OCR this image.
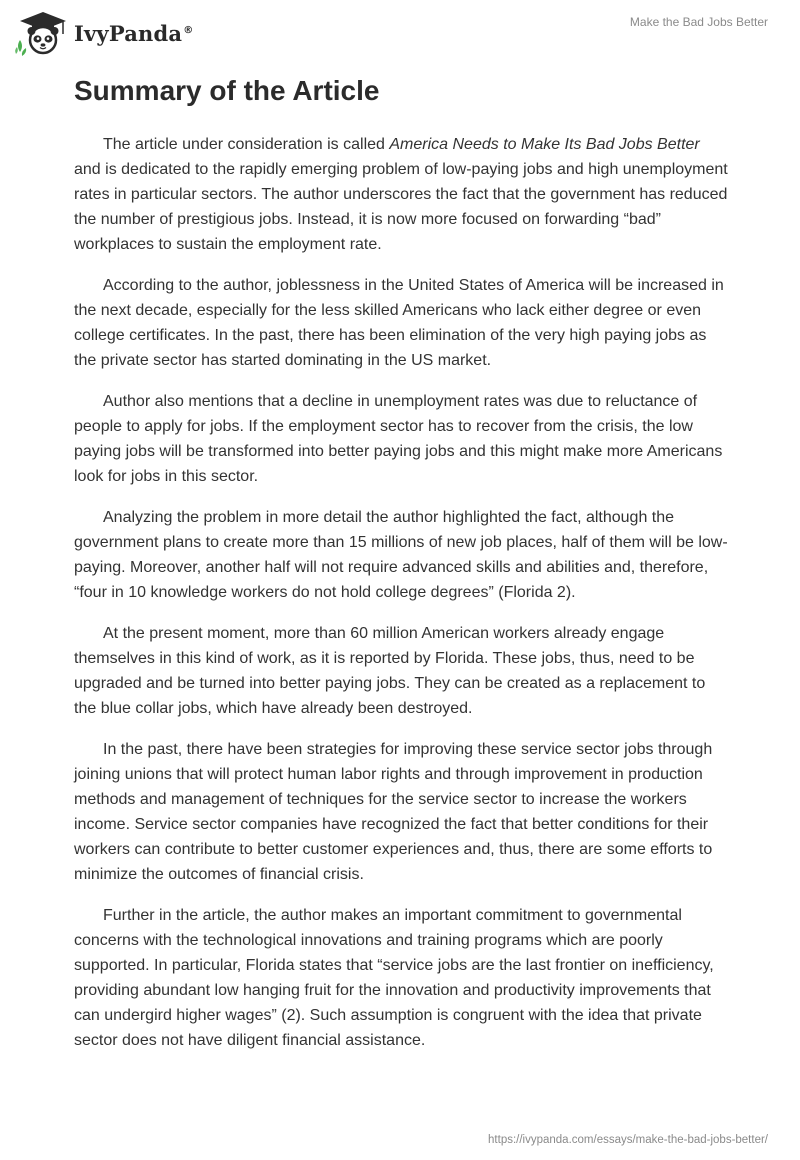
IvyPanda®
Make the Bad Jobs Better
Summary of the Article

The article under consideration is called America Needs to Make Its Bad Jobs Better and is dedicated to the rapidly emerging problem of low-paying jobs and high unemployment rates in particular sectors. The author underscores the fact that the government has reduced the number of prestigious jobs. Instead, it is now more focused on forwarding “bad” workplaces to sustain the employment rate.

According to the author, joblessness in the United States of America will be increased in the next decade, especially for the less skilled Americans who lack either degree or even college certificates. In the past, there has been elimination of the very high paying jobs as the private sector has started dominating in the US market.

Author also mentions that a decline in unemployment rates was due to reluctance of people to apply for jobs. If the employment sector has to recover from the crisis, the low paying jobs will be transformed into better paying jobs and this might make more Americans look for jobs in this sector.

Analyzing the problem in more detail the author highlighted the fact, although the government plans to create more than 15 millions of new job places, half of them will be low-paying. Moreover, another half will not require advanced skills and abilities and, therefore, “four in 10 knowledge workers do not hold college degrees” (Florida 2).

At the present moment, more than 60 million American workers already engage themselves in this kind of work, as it is reported by Florida. These jobs, thus, need to be upgraded and be turned into better paying jobs. They can be created as a replacement to the blue collar jobs, which have already been destroyed.

In the past, there have been strategies for improving these service sector jobs through joining unions that will protect human labor rights and through improvement in production methods and management of techniques for the service sector to increase the workers income. Service sector companies have recognized the fact that better conditions for their workers can contribute to better customer experiences and, thus, there are some efforts to minimize the outcomes of financial crisis.

Further in the article, the author makes an important commitment to governmental concerns with the technological innovations and training programs which are poorly supported. In particular, Florida states that “service jobs are the last frontier on inefficiency, providing abundant low hanging fruit for the innovation and productivity improvements that can undergird higher wages” (2). Such assumption is congruent with the idea that private sector does not have diligent financial assistance.

https://ivypanda.com/essays/make-the-bad-jobs-better/
